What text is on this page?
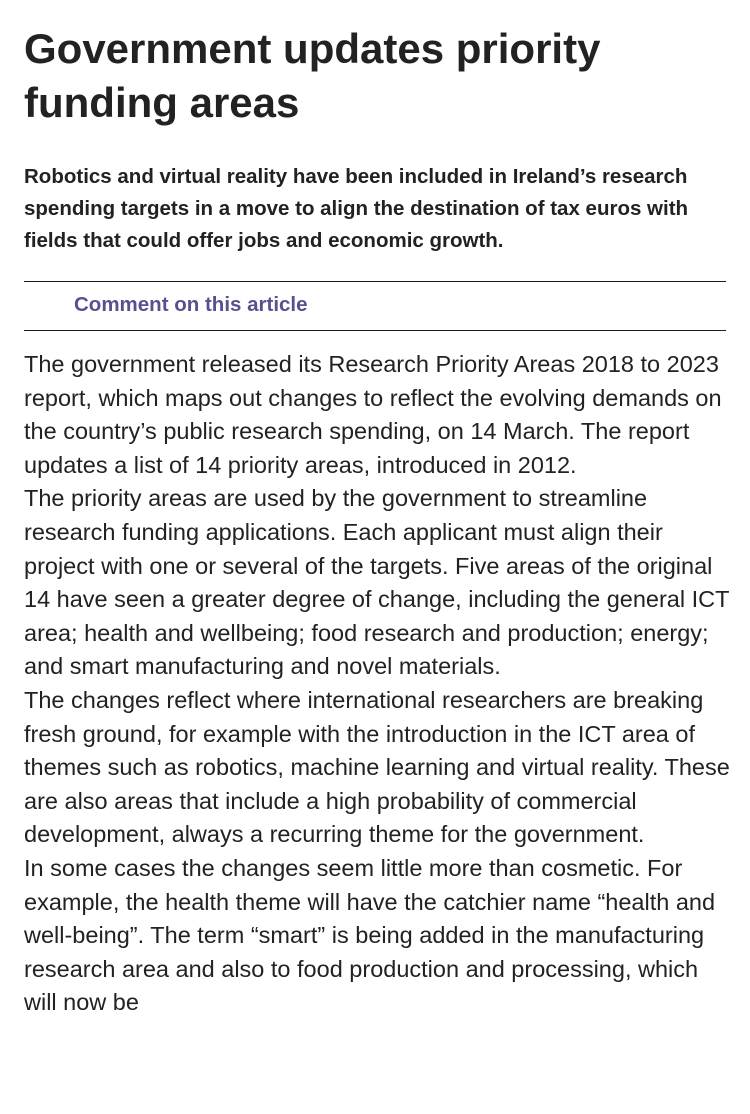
Government updates priority funding areas

Robotics and virtual reality have been included in Ireland’s research spending targets in a move to align the destination of tax euros with fields that could offer jobs and economic growth.

Comment on this article

The government released its Research Priority Areas 2018 to 2023 report, which maps out changes to reflect the evolving demands on the country’s public research spending, on 14 March. The report updates a list of 14 priority areas, introduced in 2012.

The priority areas are used by the government to streamline research funding applications. Each applicant must align their project with one or several of the targets. Five areas of the original 14 have seen a greater degree of change, including the general ICT area; health and wellbeing; food research and production; energy; and smart manufacturing and novel materials.

The changes reflect where international researchers are breaking fresh ground, for example with the introduction in the ICT area of themes such as robotics, machine learning and virtual reality. These are also areas that include a high probability of commercial development, always a recurring theme for the government.

In some cases the changes seem little more than cosmetic. For example, the health theme will have the catchier name “health and well-being”. The term “smart” is being added in the manufacturing research area and also to food production and processing, which will now be
